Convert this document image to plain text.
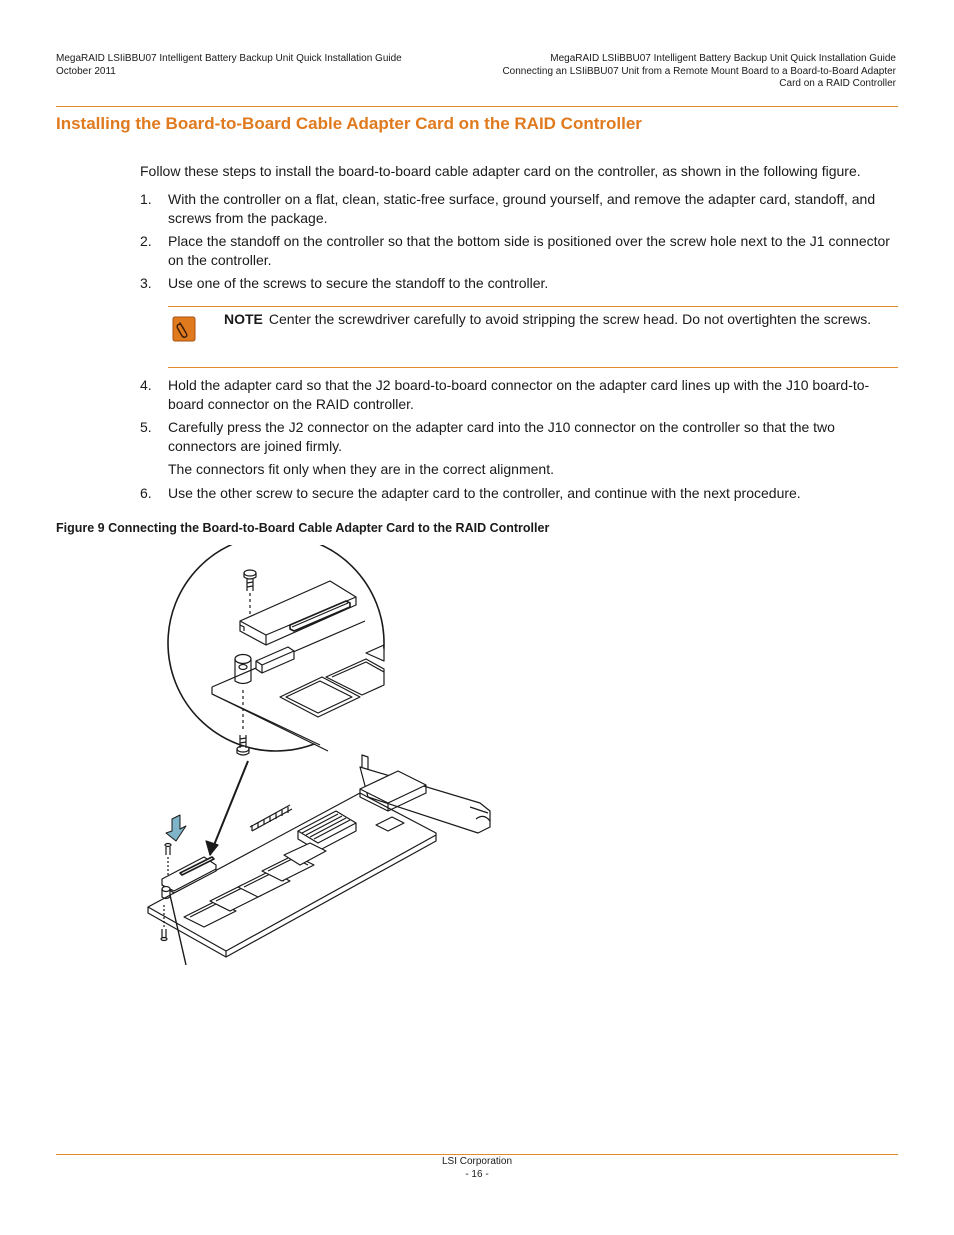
MegaRAID LSIiBBU07 Intelligent Battery Backup Unit Quick Installation Guide
October 2011
MegaRAID LSIiBBU07 Intelligent Battery Backup Unit Quick Installation Guide
Connecting an LSIiBBU07 Unit from a Remote Mount Board to a Board-to-Board Adapter
Card on a RAID Controller
Installing the Board-to-Board Cable Adapter Card on the RAID Controller
Follow these steps to install the board-to-board cable adapter card on the controller, as shown in the following figure.
1.	With the controller on a flat, clean, static-free surface, ground yourself, and remove the adapter card, standoff, and screws from the package.
2.	Place the standoff on the controller so that the bottom side is positioned over the screw hole next to the J1 connector on the controller.
3.	Use one of the screws to secure the standoff to the controller.
NOTE Center the screwdriver carefully to avoid stripping the screw head. Do not overtighten the screws.
4.	Hold the adapter card so that the J2 board-to-board connector on the adapter card lines up with the J10 board-to-board connector on the RAID controller.
5.	Carefully press the J2 connector on the adapter card into the J10 connector on the controller so that the two connectors are joined firmly.
The connectors fit only when they are in the correct alignment.
6.	Use the other screw to secure the adapter card to the controller, and continue with the next procedure.
Figure 9 Connecting the Board-to-Board Cable Adapter Card to the RAID Controller
LSI Corporation
- 16 -
